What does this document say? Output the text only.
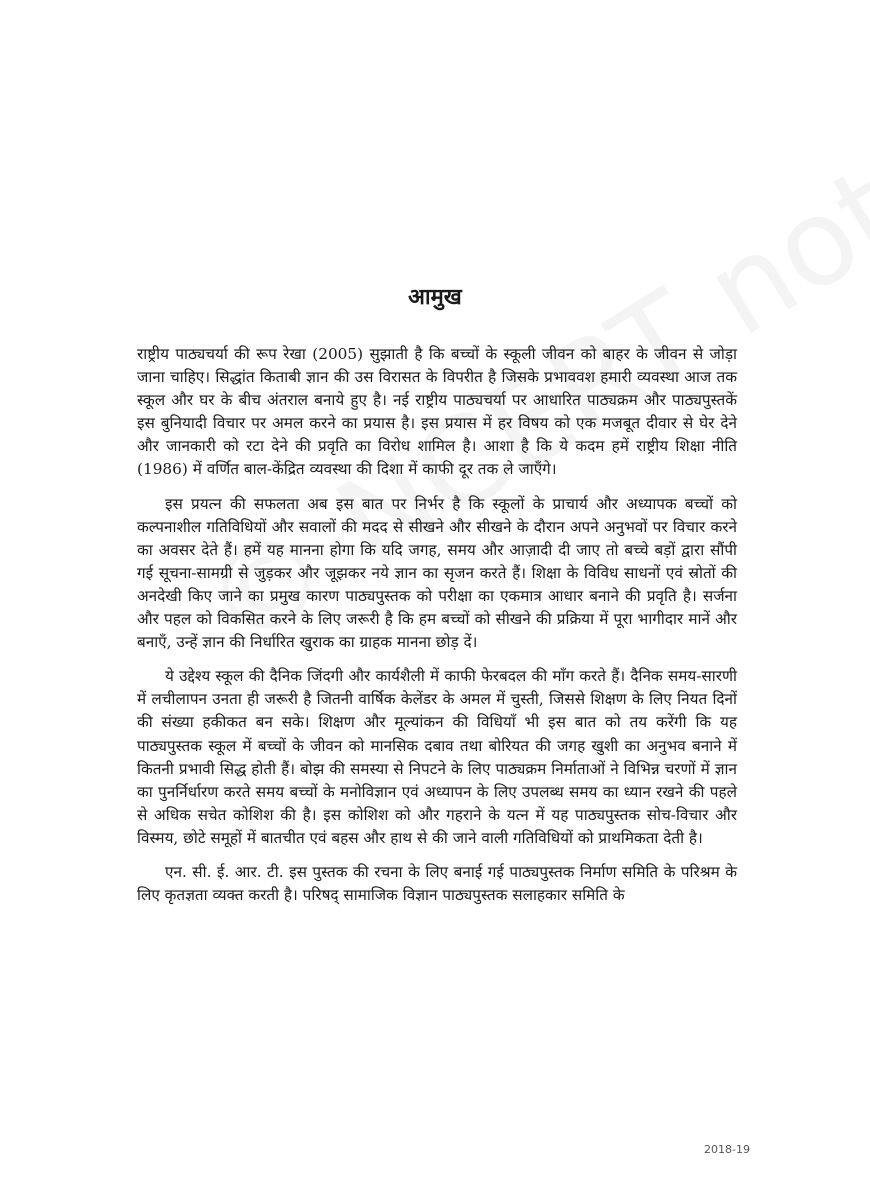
आमुख

राष्ट्रीय पाठ्यचर्या की रूप रेखा (2005) सुझाती है कि बच्चों के स्कूली जीवन को बाहर के जीवन से जोड़ा जाना चाहिए। सिद्धांत किताबी ज्ञान की उस विरासत के विपरीत है जिसके प्रभाववश हमारी व्यवस्था आज तक स्कूल और घर के बीच अंतराल बनाये हुए है। नई राष्ट्रीय पाठ्यचर्या पर आधारित पाठ्यक्रम और पाठ्यपुस्तकें इस बुनियादी विचार पर अमल करने का प्रयास है। इस प्रयास में हर विषय को एक मजबूत दीवार से घेर देने और जानकारी को रटा देने की प्रवृति का विरोध शामिल है। आशा है कि ये कदम हमें राष्ट्रीय शिक्षा नीति (1986) में वर्णित बाल-केंद्रित व्यवस्था की दिशा में काफी दूर तक ले जाएँगे।

इस प्रयत्न की सफलता अब इस बात पर निर्भर है कि स्कूलों के प्राचार्य और अध्यापक बच्चों को कल्पनाशील गतिविधियों और सवालों की मदद से सीखने और सीखने के दौरान अपने अनुभवों पर विचार करने का अवसर देते हैं। हमें यह मानना होगा कि यदि जगह, समय और आज़ादी दी जाए तो बच्चे बड़ों द्वारा सौंपी गई सूचना-सामग्री से जुड़कर और जूझकर नये ज्ञान का सृजन करते हैं। शिक्षा के विविध साधनों एवं स्रोतों की अनदेखी किए जाने का प्रमुख कारण पाठ्यपुस्तक को परीक्षा का एकमात्र आधार बनाने की प्रवृति है। सर्जना और पहल को विकसित करने के लिए जरूरी है कि हम बच्चों को सीखने की प्रक्रिया में पूरा भागीदार मानें और बनाएँ, उन्हें ज्ञान की निर्धारित खुराक का ग्राहक मानना छोड़ दें।

ये उद्देश्य स्कूल की दैनिक जिंदगी और कार्यशैली में काफी फेरबदल की माँग करते हैं। दैनिक समय-सारणी में लचीलापन उनता ही जरूरी है जितनी वार्षिक केलेंडर के अमल में चुस्ती, जिससे शिक्षण के लिए नियत दिनों की संख्या हकीकत बन सके। शिक्षण और मूल्यांकन की विधियाँ भी इस बात को तय करेंगी कि यह पाठ्यपुस्तक स्कूल में बच्चों के जीवन को मानसिक दबाव तथा बोरियत की जगह खुशी का अनुभव बनाने में कितनी प्रभावी सिद्ध होती हैं। बोझ की समस्या से निपटने के लिए पाठ्यक्रम निर्माताओं ने विभिन्न चरणों में ज्ञान का पुनर्निर्धारण करते समय बच्चों के मनोविज्ञान एवं अध्यापन के लिए उपलब्ध समय का ध्यान रखने की पहले से अधिक सचेत कोशिश की है। इस कोशिश को और गहराने के यत्न में यह पाठ्यपुस्तक सोच-विचार और विस्मय, छोटे समूहों में बातचीत एवं बहस और हाथ से की जाने वाली गतिविधियों को प्राथमिकता देती है।

एन. सी. ई. आर. टी. इस पुस्तक की रचना के लिए बनाई गई पाठ्यपुस्तक निर्माण समिति के परिश्रम के लिए कृतज्ञता व्यक्त करती है। परिषद् सामाजिक विज्ञान पाठ्यपुस्तक सलाहकार समिति के

2018-19
